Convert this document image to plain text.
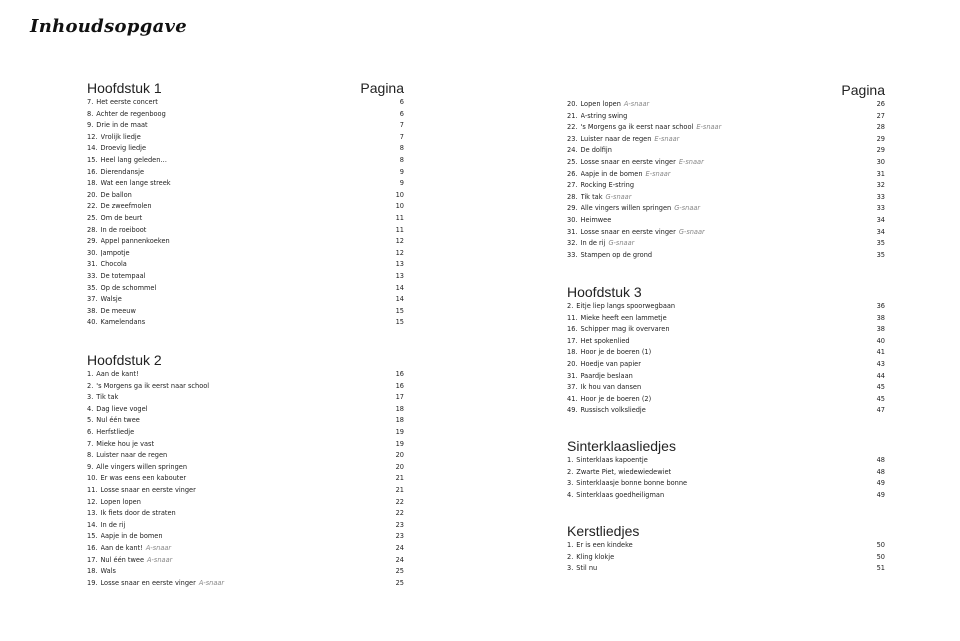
Inhoudsopgave
Hoofdstuk 1	Pagina
7. Het eerste concert	6
8. Achter de regenboog	6
9. Drie in de maat	7
12. Vrolijk liedje	7
14. Droevig liedje	8
15. Heel lang geleden…	8
16. Dierendansje	9
18. Wat een lange streek	9
20. De ballon	10
22. De zweefmolen	10
25. Om de beurt	11
28. In de roeiboot	11
29. Appel pannenkoeken	12
30. Jampotje	12
31. Chocola	13
33. De totempaal	13
35. Op de schommel	14
37. Walsje	14
38. De meeuw	15
40. Kamelendans	15
Hoofdstuk 2
1. Aan de kant!	16
2. 's Morgens ga ik eerst naar school	16
3. Tik tak	17
4. Dag lieve vogel	18
5. Nul één twee	18
6. Herfstliedje	19
7. Mieke hou je vast	19
8. Luister naar de regen	20
9. Alle vingers willen springen	20
10. Er was eens een kabouter	21
11. Losse snaar en eerste vinger	21
12. Lopen lopen	22
13. Ik fiets door de straten	22
14. In de rij	23
15. Aapje in de bomen	23
16. Aan de kant! A-snaar	24
17. Nul één twee A-snaar	24
18. Wals	25
19. Losse snaar en eerste vinger A-snaar	25
Pagina
20. Lopen lopen A-snaar	26
21. A-string swing	27
22. 's Morgens ga ik eerst naar school E-snaar	28
23. Luister naar de regen E-snaar	29
24. De dolfijn	29
25. Losse snaar en eerste vinger E-snaar	30
26. Aapje in de bomen E-snaar	31
27. Rocking E-string	32
28. Tik tak G-snaar	33
29. Alle vingers willen springen G-snaar	33
30. Heimwee	34
31. Losse snaar en eerste vinger G-snaar	34
32. In de rij G-snaar	35
33. Stampen op de grond	35
Hoofdstuk 3
2. Eitje liep langs spoorwegbaan	36
11. Mieke heeft een lammetje	38
16. Schipper mag ik overvaren	38
17. Het spokenlied	40
18. Hoor je de boeren (1)	41
20. Hoedje van papier	43
31. Paardje beslaan	44
37. Ik hou van dansen	45
41. Hoor je de boeren (2)	45
49. Russisch volksliedje	47
Sinterklaasliedjes
1. Sinterklaas kapoentje	48
2. Zwarte Piet, wiedewiedewiet	48
3. Sinterklaasje bonne bonne bonne	49
4. Sinterklaas goedheiligman	49
Kerstliedjes
1. Er is een kindeke	50
2. Kling klokje	50
3. Stil nu	51
